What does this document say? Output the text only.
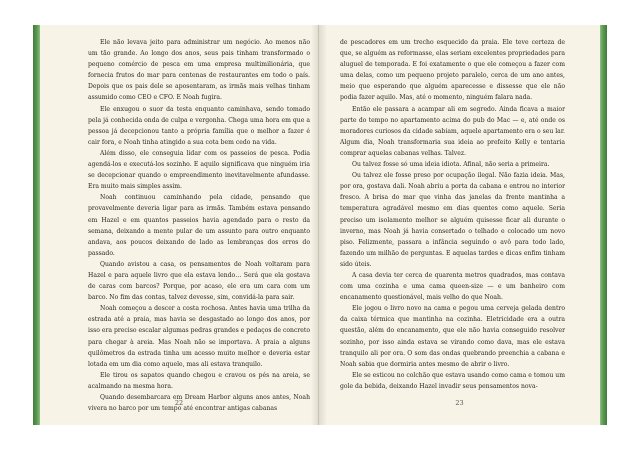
Ele não levava jeito para administrar um negócio. Ao menos não um tão grande. Ao longo dos anos, seus pais tinham transformado o pequeno comércio de pesca em uma empresa multimilionária, que fornecia frutos do mar para centenas de restaurantes em todo o país. Depois que os pais dele se aposentaram, as irmãs mais velhas tinham assumido como CEO e CFO. E Noah fugira.

Ele enxugou o suor da testa enquanto caminhava, sendo tomado pela já conhecida onda de culpa e vergonha. Chega uma hora em que a pessoa já decepcionou tanto a própria família que o melhor a fazer é cair fora, e Noah tinha atingido a sua cota bem cedo na vida.

Além disso, ele conseguia lidar com os passeios de pesca. Podia agendá-los e executá-los sozinho. E aquilo significava que ninguém iria se decepcionar quando o empreendimento inevitavelmente afundasse. Era muito mais simples assim.

Noah continuou caminhando pela cidade, pensando que provavelmente deveria ligar para as irmãs. Também estava pensando em Hazel e em quantos passeios havia agendado para o resto da semana, deixando a mente pular de um assunto para outro enquanto andava, aos poucos deixando de lado as lembranças dos erros do passado.

Quando avistou a casa, os pensamentos de Noah voltaram para Hazel e para aquele livro que ela estava lendo… Será que ela gostava de caras com barcos? Porque, por acaso, ele era um cara com um barco. No fim das contas, talvez devesse, sim, convidá-la para sair.

Noah começou a descer a costa rochosa. Antes havia uma trilha da estrada até a praia, mas havia se desgastado ao longo dos anos, por isso era preciso escalar algumas pedras grandes e pedaços de concreto para chegar à areia. Mas Noah não se importava. A praia a alguns quilômetros da estrada tinha um acesso muito melhor e deveria estar lotada em um dia como aquele, mas ali estava tranquilo.

Ele tirou os sapatos quando chegou e cravou os pés na areia, se acalmando na mesma hora.

Quando desembarcara em Dream Harbor alguns anos antes, Noah vivera no barco por um tempo até encontrar antigas cabanas

22

de pescadores em um trecho esquecido da praia. Ele teve certeza de que, se alguém as reformasse, elas seriam excelentes propriedades para aluguel de temporada. E foi exatamente o que ele começou a fazer com uma delas, como um pequeno projeto paralelo, cerca de um ano antes, meio que esperando que alguém aparecesse e dissesse que ele não podia fazer aquilo. Mas, até o momento, ninguém falara nada.

Então ele passara a acampar ali em segredo. Ainda ficava a maior parte do tempo no apartamento acima do pub do Mac — e, até onde os moradores curiosos da cidade sabiam, aquele apartamento era o seu lar. Algum dia, Noah transformaria sua ideia ao prefeito Kelly e tentaria comprar aquelas cabanas velhas. Talvez.

Ou talvez fosse só uma ideia idiota. Afinal, não seria a primeira.

Ou talvez ele fosse preso por ocupação ilegal. Não fazia ideia. Mas, por ora, gostava dali. Noah abriu a porta da cabana e entrou no interior fresco. A brisa do mar que vinha das janelas da frente mantinha a temperatura agradável mesmo em dias quentes como aquele. Seria preciso um isolamento melhor se alguém quisesse ficar ali durante o inverno, mas Noah já havia consertado o telhado e colocado um novo piso. Felizmente, passara a infância seguindo o avô para todo lado, fazendo um milhão de perguntas. E aquelas tardes e dicas enfim tinham sido úteis.

A casa devia ter cerca de quarenta metros quadrados, mas contava com uma cozinha e uma cama queen-size — e um banheiro com encanamento questionável, mais velho do que Noah.

Ele jogou o livro novo na cama e pegou uma cerveja gelada dentro da caixa térmica que mantinha na cozinha. Eletricidade era a outra questão, além do encanamento, que ele não havia conseguido resolver sozinho, por isso ainda estava se virando como dava, mas ele estava tranquilo ali por ora. O som das ondas quebrando preenchia a cabana e Noah sabia que dormiria antes mesmo de abrir o livro.

Ele se esticou no colchão que estava usando como cama e tomou um gole da bebida, deixando Hazel invadir seus pensamentos nova-

23
